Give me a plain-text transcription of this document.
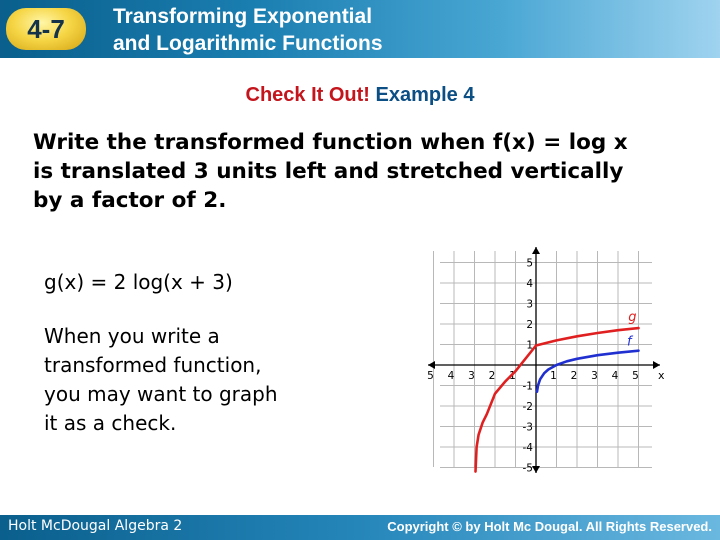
4-7 Transforming Exponential
and Logarithmic Functions
Check It Out! Example 4
Write the transformed function when f(x) = log x
is translated 3 units left and stretched vertically
by a factor of 2.
g(x) = 2 log(x + 3)
When you write a
transformed function,
you may want to graph
it as a check.
5 4 3 2 1	1 2 3 4 5
5
4
3
2
1
-1
-2
-3
-4
-5
x
g
f
Holt McDougal Algebra 2	Copyright © by Holt Mc Dougal. All Rights Reserved.
